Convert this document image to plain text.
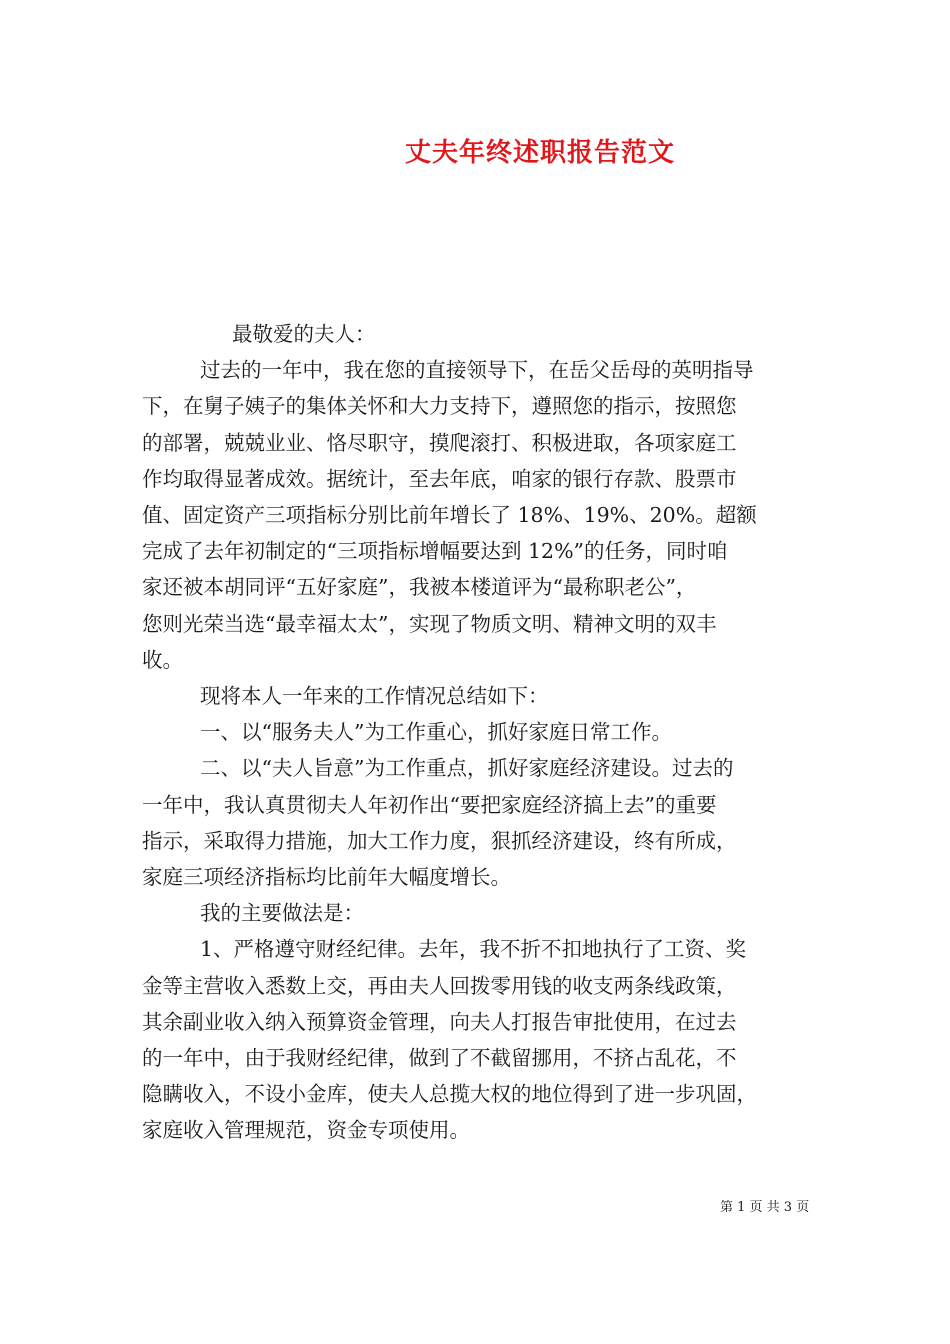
丈夫年终述职报告范文
最敬爱的夫人：
过去的一年中，我在您的直接领导下，在岳父岳母的英明指导
下，在舅子姨子的集体关怀和大力支持下，遵照您的指示，按照您
的部署，兢兢业业、恪尽职守，摸爬滚打、积极进取，各项家庭工
作均取得显著成效。据统计，至去年底，咱家的银行存款、股票市
值、固定资产三项指标分别比前年增长了 18%、19%、20%。超额
完成了去年初制定的“三项指标增幅要达到 12%”的任务，同时咱
家还被本胡同评“五好家庭”，我被本楼道评为“最称职老公”，
您则光荣当选“最幸福太太”，实现了物质文明、精神文明的双丰
收。
现将本人一年来的工作情况总结如下：
一、以“服务夫人”为工作重心，抓好家庭日常工作。
二、以“夫人旨意”为工作重点，抓好家庭经济建设。过去的
一年中，我认真贯彻夫人年初作出“要把家庭经济搞上去”的重要
指示，采取得力措施，加大工作力度，狠抓经济建设，终有所成，
家庭三项经济指标均比前年大幅度增长。
我的主要做法是：
1、严格遵守财经纪律。去年，我不折不扣地执行了工资、奖
金等主营收入悉数上交，再由夫人回拨零用钱的收支两条线政策，
其余副业收入纳入预算资金管理，向夫人打报告审批使用，在过去
的一年中，由于我财经纪律，做到了不截留挪用，不挤占乱花，不
隐瞒收入，不设小金库，使夫人总揽大权的地位得到了进一步巩固，
家庭收入管理规范，资金专项使用。
第 1 页 共 3 页
